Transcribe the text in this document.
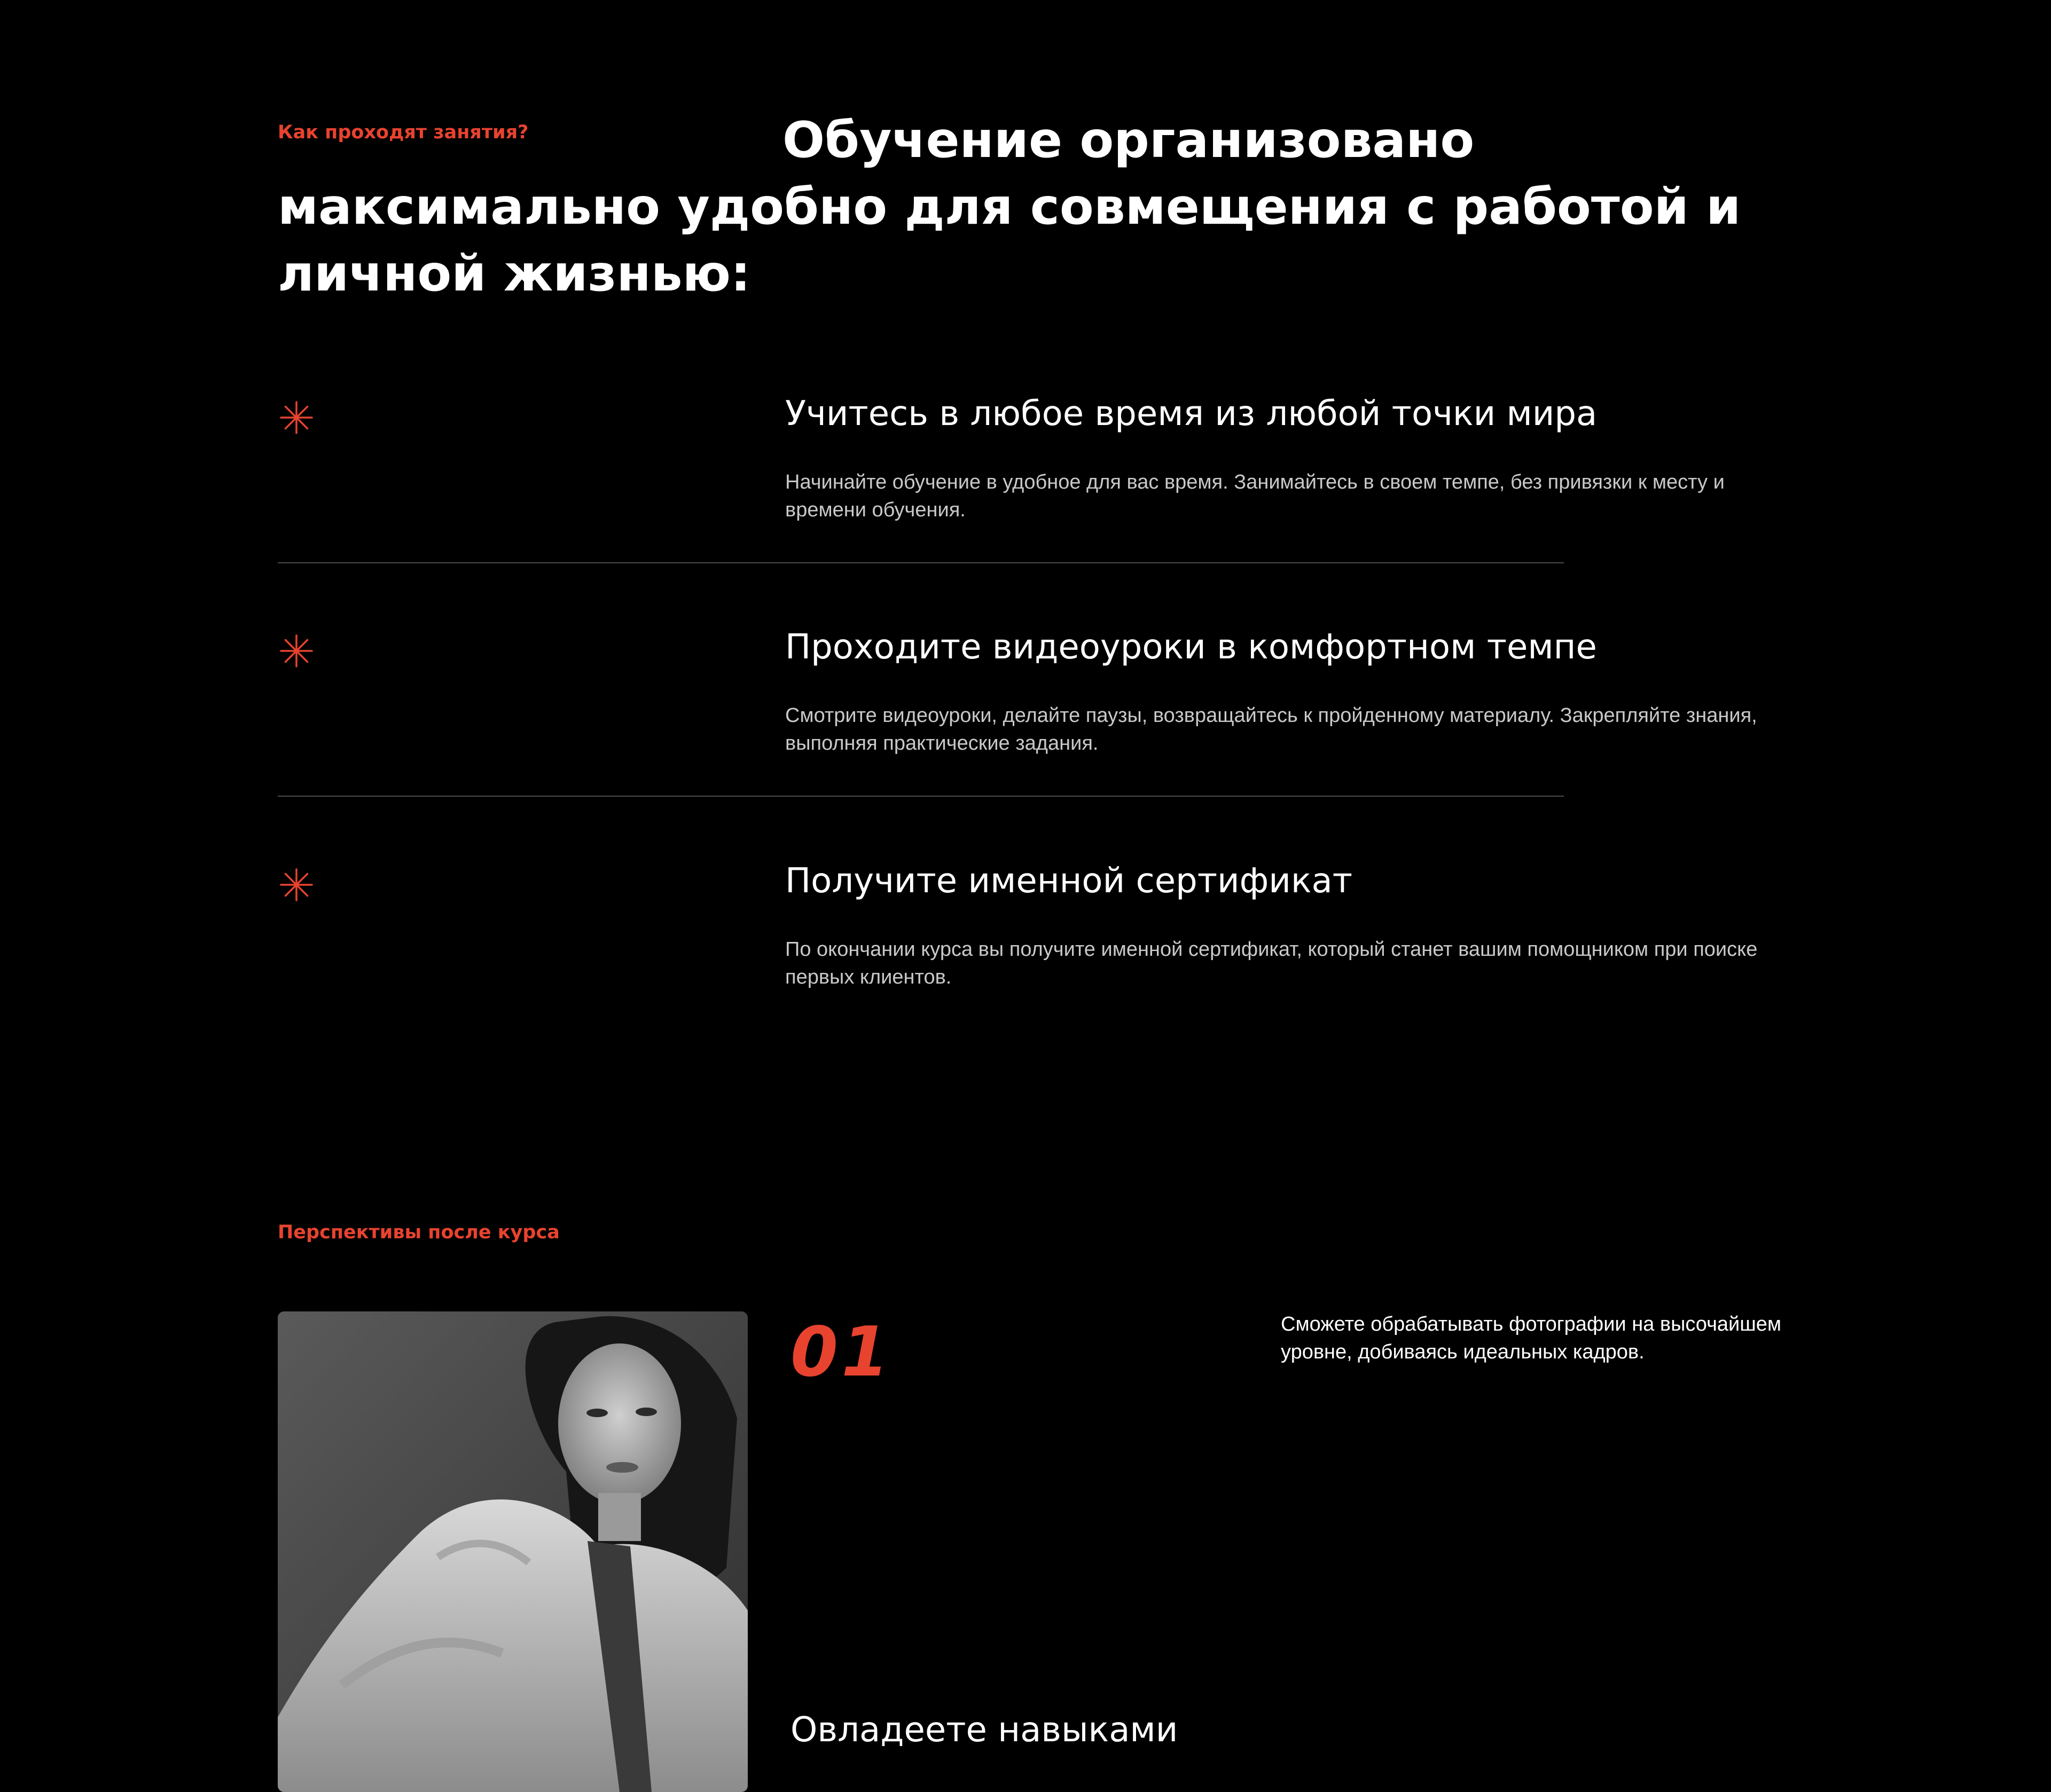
Как проходят занятия?	Обучение организовано максимально удобно для совмещения с работой и личной жизнью:
Учитесь в любое время из любой точки мира

Начинайте обучение в удобное для вас время. Занимайтесь в своем темпе, без привязки к месту и времени обучения.

Проходите видеоуроки в комфортном темпе

Смотрите видеоуроки, делайте паузы, возвращайтесь к пройденному материалу. Закрепляйте знания, выполняя практические задания.

Получите именной сертификат

По окончании курса вы получите именной сертификат, который станет вашим помощником при поиске первых клиентов.

Перспективы после курса
01	Сможете обрабатывать фотографии на высочайшем уровне, добиваясь идеальных кадров.

Овладеете навыками
